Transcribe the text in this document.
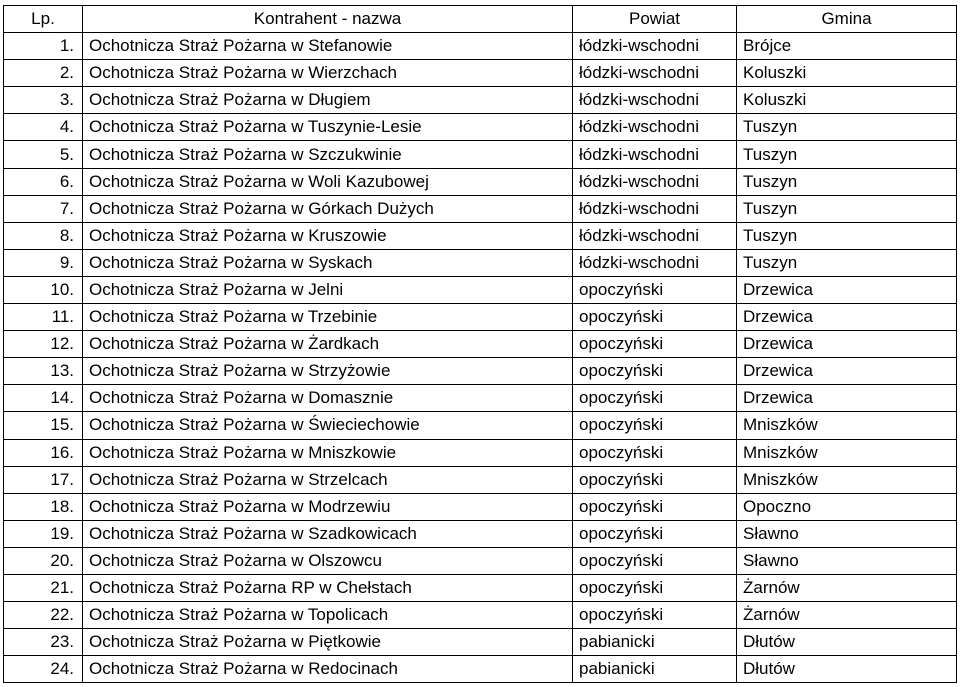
Lp.	Kontrahent - nazwa	Powiat	Gmina
1.	Ochotnicza Straż Pożarna w Stefanowie	łódzki-wschodni	Brójce
2.	Ochotnicza Straż Pożarna w Wierzchach	łódzki-wschodni	Koluszki
3.	Ochotnicza Straż Pożarna w Długiem	łódzki-wschodni	Koluszki
4.	Ochotnicza Straż Pożarna w Tuszynie-Lesie	łódzki-wschodni	Tuszyn
5.	Ochotnicza Straż Pożarna w Szczukwinie	łódzki-wschodni	Tuszyn
6.	Ochotnicza Straż Pożarna w Woli Kazubowej	łódzki-wschodni	Tuszyn
7.	Ochotnicza Straż Pożarna w Górkach Dużych	łódzki-wschodni	Tuszyn
8.	Ochotnicza Straż Pożarna w Kruszowie	łódzki-wschodni	Tuszyn
9.	Ochotnicza Straż Pożarna w Syskach	łódzki-wschodni	Tuszyn
10.	Ochotnicza Straż Pożarna w Jelni	opoczyński	Drzewica
11.	Ochotnicza Straż Pożarna w Trzebinie	opoczyński	Drzewica
12.	Ochotnicza Straż Pożarna w Żardkach	opoczyński	Drzewica
13.	Ochotnicza Straż Pożarna w Strzyżowie	opoczyński	Drzewica
14.	Ochotnicza Straż Pożarna w Domasznie	opoczyński	Drzewica
15.	Ochotnicza Straż Pożarna w Świeciechowie	opoczyński	Mniszków
16.	Ochotnicza Straż Pożarna w Mniszkowie	opoczyński	Mniszków
17.	Ochotnicza Straż Pożarna w Strzelcach	opoczyński	Mniszków
18.	Ochotnicza Straż Pożarna w Modrzewiu	opoczyński	Opoczno
19.	Ochotnicza Straż Pożarna w Szadkowicach	opoczyński	Sławno
20.	Ochotnicza Straż Pożarna w Olszowcu	opoczyński	Sławno
21.	Ochotnicza Straż Pożarna RP w Chełstach	opoczyński	Żarnów
22.	Ochotnicza Straż Pożarna w Topolicach	opoczyński	Żarnów
23.	Ochotnicza Straż Pożarna w Piętkowie	pabianicki	Dłutów
24.	Ochotnicza Straż Pożarna w Redocinach	pabianicki	Dłutów
